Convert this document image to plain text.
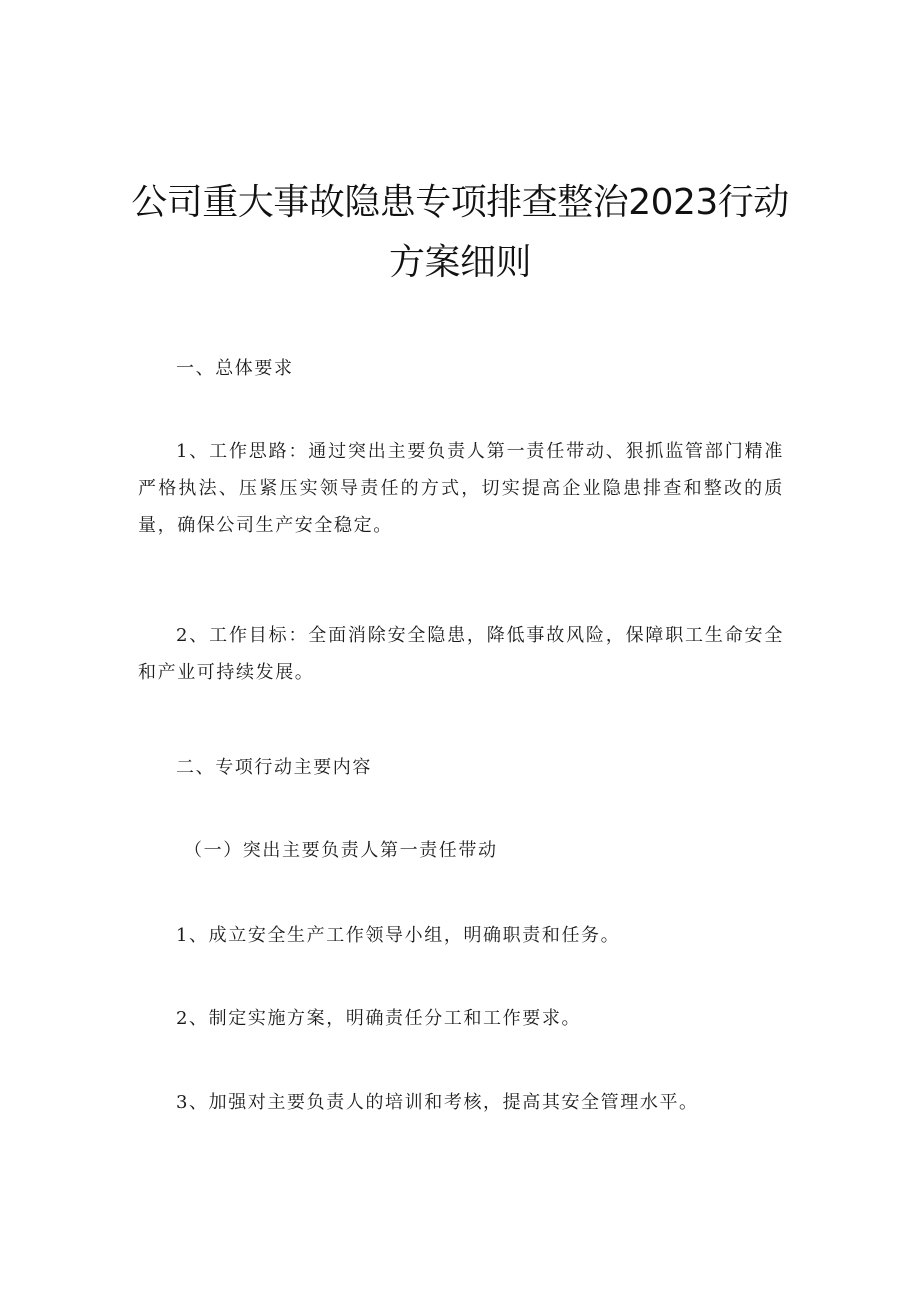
公司重大事故隐患专项排查整治2023行动
方案细则

一、总体要求

1、工作思路：通过突出主要负责人第一责任带动、狠抓监管部门精准严格执法、压紧压实领导责任的方式，切实提高企业隐患排查和整改的质量，确保公司生产安全稳定。

2、工作目标：全面消除安全隐患，降低事故风险，保障职工生命安全和产业可持续发展。

二、专项行动主要内容

（一）突出主要负责人第一责任带动

1、成立安全生产工作领导小组，明确职责和任务。

2、制定实施方案，明确责任分工和工作要求。

3、加强对主要负责人的培训和考核，提高其安全管理水平。
